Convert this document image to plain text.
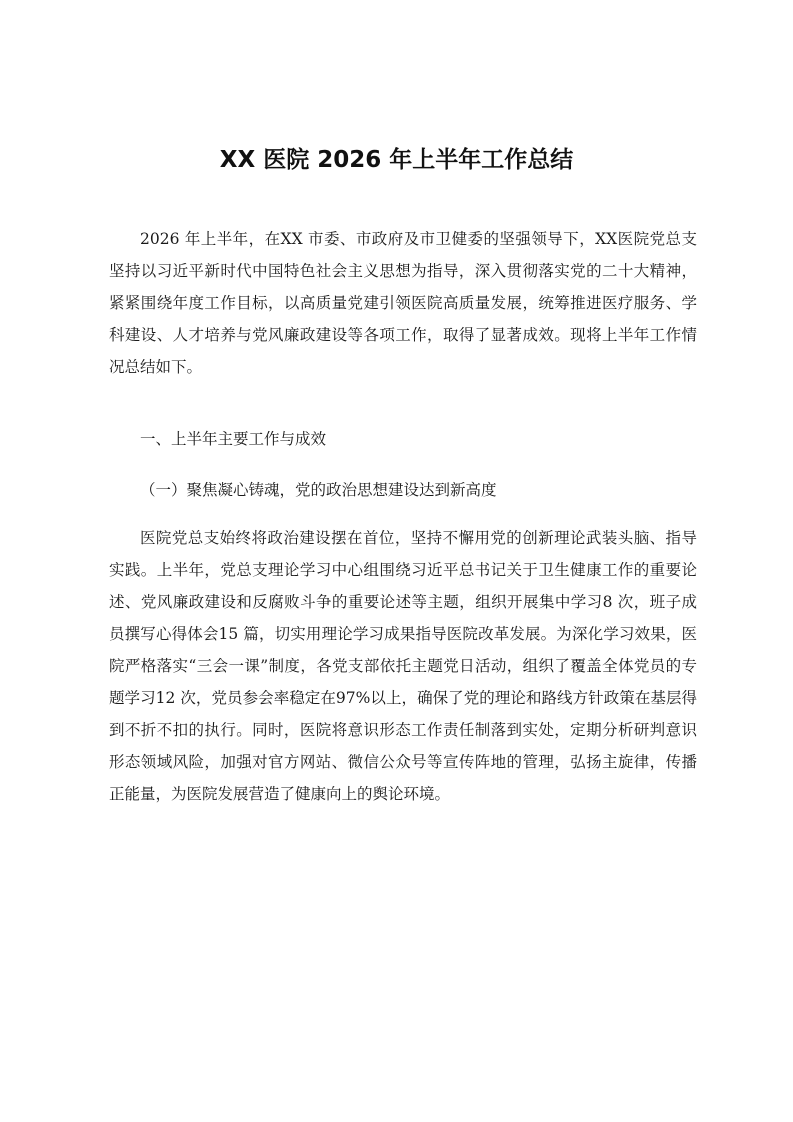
XX 医院 2026 年上半年工作总结

2026 年上半年，在XX 市委、市政府及市卫健委的坚强领导下，XX医院党总支坚持以习近平新时代中国特色社会主义思想为指导，深入贯彻落实党的二十大精神，紧紧围绕年度工作目标，以高质量党建引领医院高质量发展，统筹推进医疗服务、学科建设、人才培养与党风廉政建设等各项工作，取得了显著成效。现将上半年工作情况总结如下。

一、上半年主要工作与成效

（一）聚焦凝心铸魂，党的政治思想建设达到新高度

医院党总支始终将政治建设摆在首位，坚持不懈用党的创新理论武装头脑、指导实践。上半年，党总支理论学习中心组围绕习近平总书记关于卫生健康工作的重要论述、党风廉政建设和反腐败斗争的重要论述等主题，组织开展集中学习8 次，班子成员撰写心得体会15 篇，切实用理论学习成果指导医院改革发展。为深化学习效果，医院严格落实“三会一课”制度，各党支部依托主题党日活动，组织了覆盖全体党员的专题学习12 次，党员参会率稳定在97%以上，确保了党的理论和路线方针政策在基层得到不折不扣的执行。同时，医院将意识形态工作责任制落到实处，定期分析研判意识形态领域风险，加强对官方网站、微信公众号等宣传阵地的管理，弘扬主旋律，传播正能量，为医院发展营造了健康向上的舆论环境。
